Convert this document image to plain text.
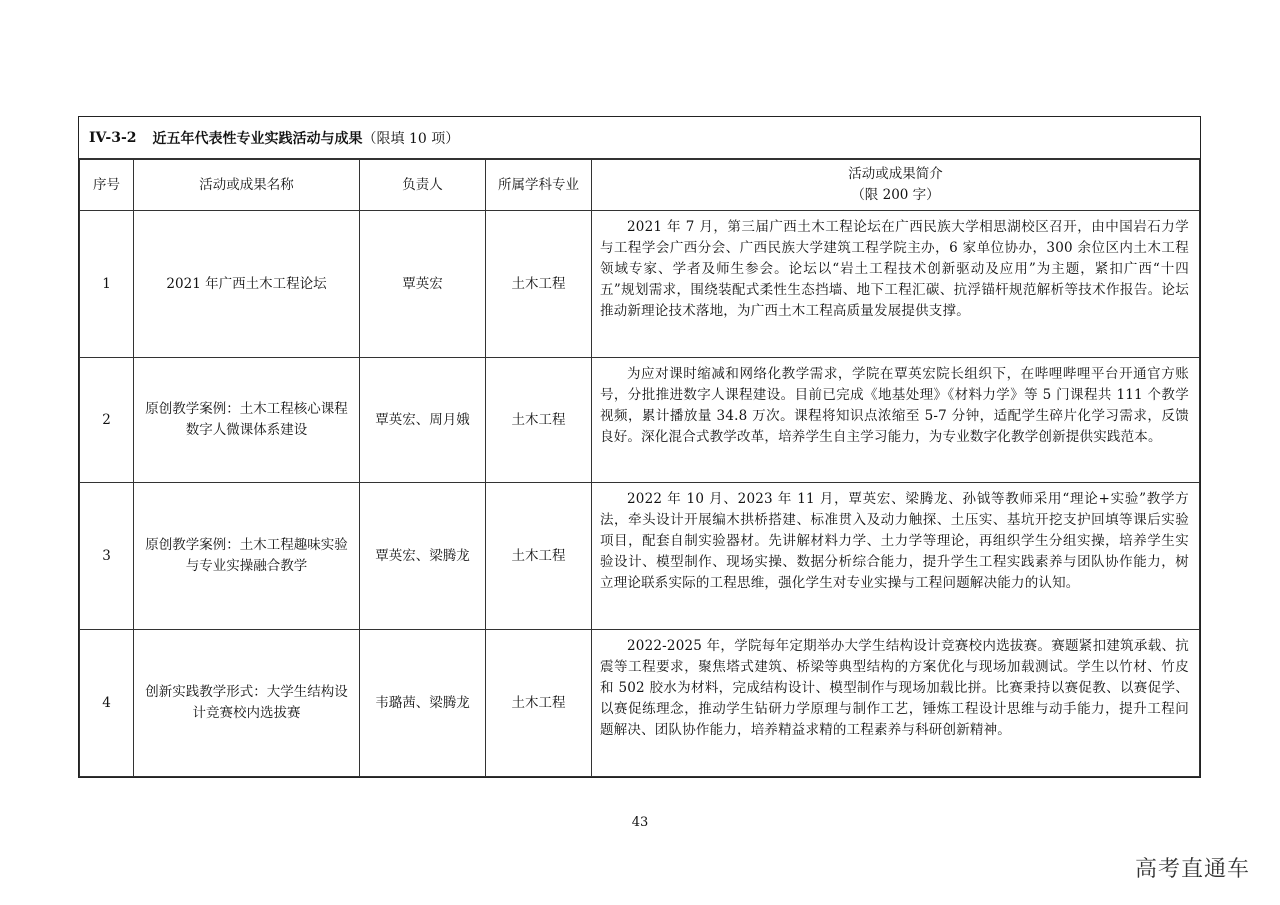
IV-3-2 近五年代表性专业实践活动与成果 （限填 10 项）
序号	活动或成果名称	负责人	所属学科专业	活动或成果简介
（限 200 字）

1	2021 年广西土木工程论坛	覃英宏	土木工程	2021 年 7 月，第三届广西土木工程论坛在广西民族大学相思湖校区召开，由中国岩石力学与工程学会广西分会、广西民族大学建筑工程学院主办，6 家单位协办，300 余位区内土木工程领域专家、学者及师生参会。论坛以“岩土工程技术创新驱动及应用”为主题，紧扣广西“十四五”规划需求，围绕装配式柔性生态挡墙、地下工程汇碳、抗浮锚杆规范解析等技术作报告。论坛推动新理论技术落地，为广西土木工程高质量发展提供支撑。
2	原创教学案例：土木工程核心课程数字人微课体系建设	覃英宏、周月娥	土木工程	为应对课时缩减和网络化教学需求，学院在覃英宏院长组织下，在哔哩哔哩平台开通官方账号，分批推进数字人课程建设。目前已完成《地基处理》《材料力学》等 5 门课程共 111 个教学视频，累计播放量 34.8 万次。课程将知识点浓缩至 5-7 分钟，适配学生碎片化学习需求，反馈良好。深化混合式教学改革，培养学生自主学习能力，为专业数字化教学创新提供实践范本。
3	原创教学案例：土木工程趣味实验与专业实操融合教学	覃英宏、梁腾龙	土木工程	2022 年 10 月、2023 年 11 月，覃英宏、梁腾龙、孙钺等教师采用“理论+实验”教学方法，牵头设计开展编木拱桥搭建、标准贯入及动力触探、土压实、基坑开挖支护回填等课后实验项目，配套自制实验器材。先讲解材料力学、土力学等理论，再组织学生分组实操，培养学生实验设计、模型制作、现场实操、数据分析综合能力，提升学生工程实践素养与团队协作能力，树立理论联系实际的工程思维，强化学生对专业实操与工程问题解决能力的认知。
4	创新实践教学形式：大学生结构设计竞赛校内选拔赛	韦璐茜、梁腾龙	土木工程	2022-2025 年，学院每年定期举办大学生结构设计竞赛校内选拔赛。赛题紧扣建筑承载、抗震等工程要求，聚焦塔式建筑、桥梁等典型结构的方案优化与现场加载测试。学生以竹材、竹皮和 502 胶水为材料，完成结构设计、模型制作与现场加载比拼。比赛秉持以赛促教、以赛促学、以赛促练理念，推动学生钻研力学原理与制作工艺，锤炼工程设计思维与动手能力，提升工程问题解决、团队协作能力，培养精益求精的工程素养与科研创新精神。
43
高考直通车
